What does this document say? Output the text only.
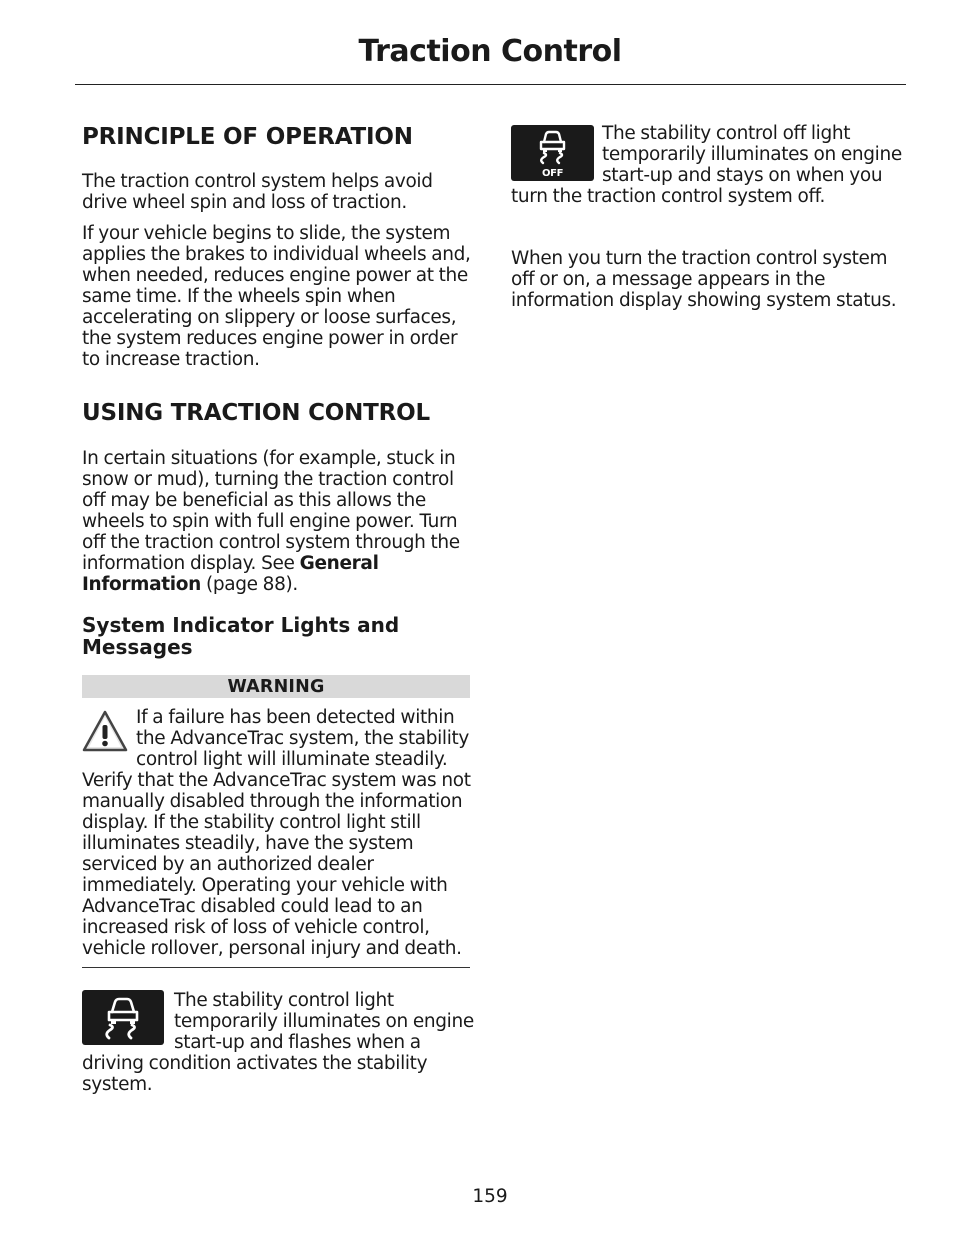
Traction Control
PRINCIPLE OF OPERATION

The traction control system helps avoid drive wheel spin and loss of traction.

If your vehicle begins to slide, the system applies the brakes to individual wheels and, when needed, reduces engine power at the same time. If the wheels spin when accelerating on slippery or loose surfaces, the system reduces engine power in order to increase traction.

USING TRACTION CONTROL

In certain situations (for example, stuck in snow or mud), turning the traction control off may be beneficial as this allows the wheels to spin with full engine power. Turn off the traction control system through the information display. See General Information (page 88).

System Indicator Lights and Messages
WARNING
If a failure has been detected within the AdvanceTrac system, the stability control light will illuminate steadily. Verify that the AdvanceTrac system was not manually disabled through the information display. If the stability control light still illuminates steadily, have the system serviced by an authorized dealer immediately. Operating your vehicle with AdvanceTrac disabled could lead to an increased risk of loss of vehicle control, vehicle rollover, personal injury and death.
The stability control light temporarily illuminates on engine start-up and flashes when a driving condition activates the stability system.
OFF
The stability control off light temporarily illuminates on engine start-up and stays on when you turn the traction control system off.

When you turn the traction control system off or on, a message appears in the information display showing system status.

159
